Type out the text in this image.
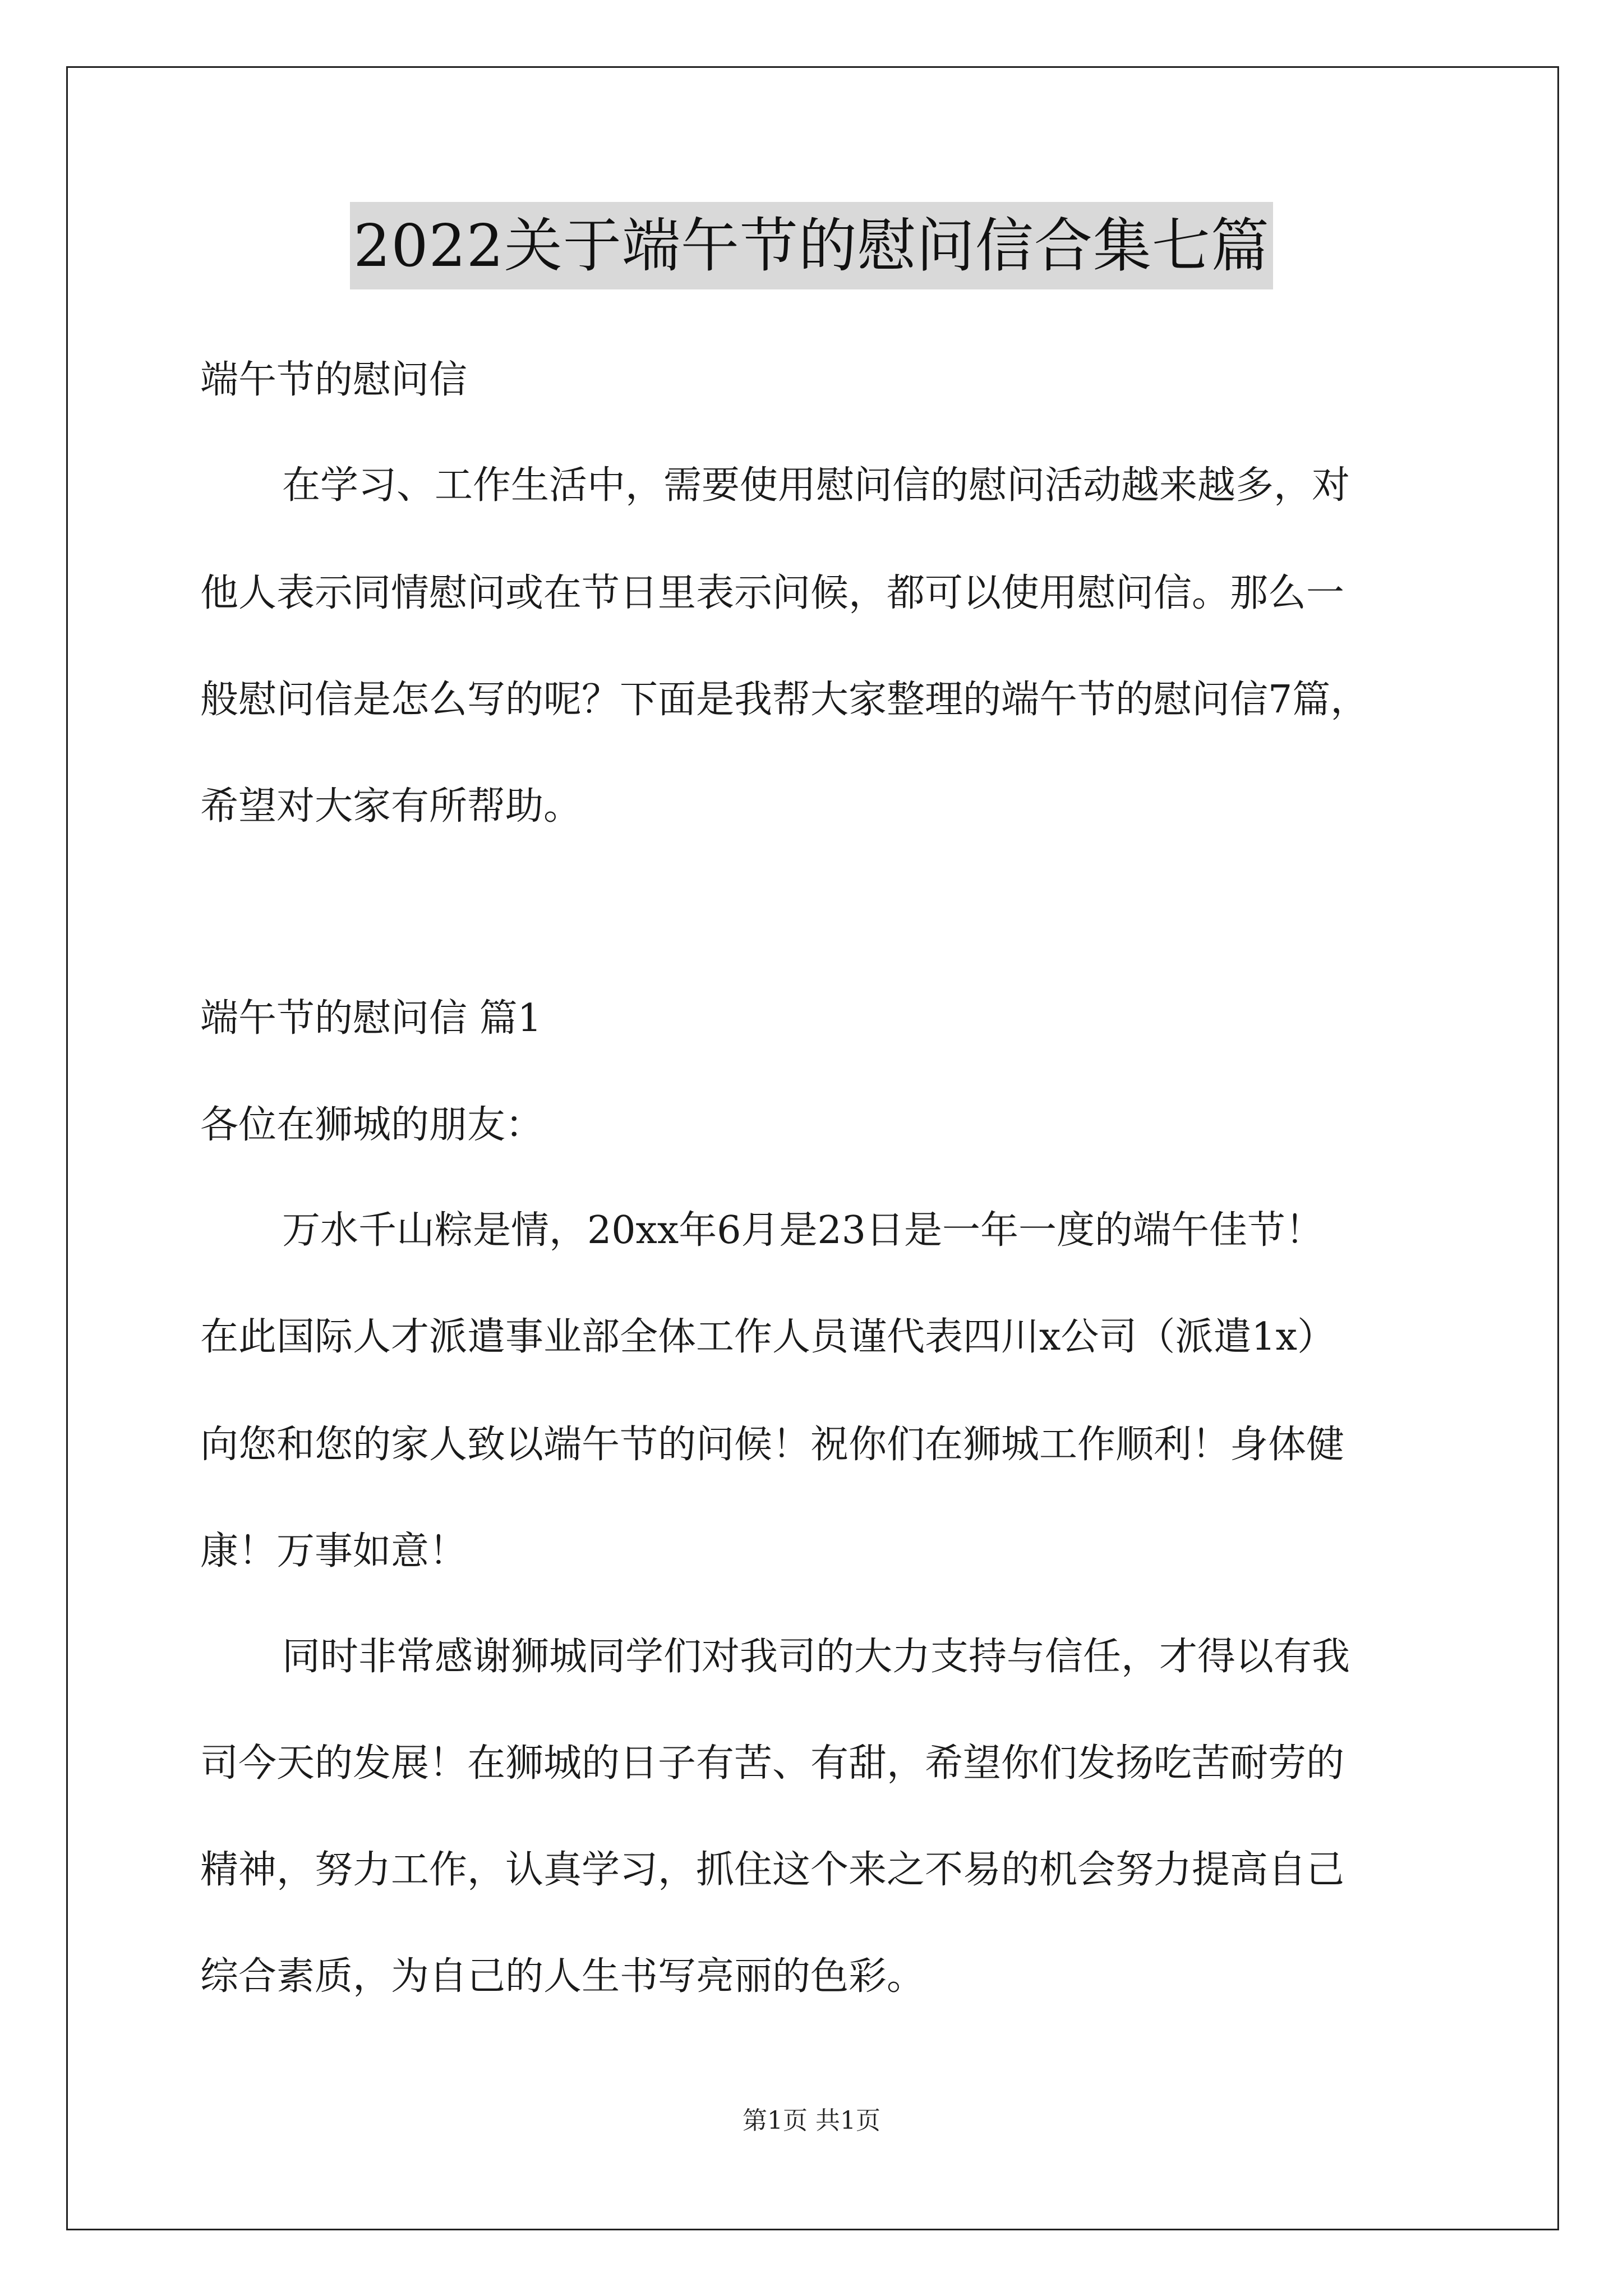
2022关于端午节的慰问信合集七篇
端午节的慰问信
在学习、工作生活中，需要使用慰问信的慰问活动越来越多，对
他人表示同情慰问或在节日里表示问候，都可以使用慰问信。那么一
般慰问信是怎么写的呢？下面是我帮大家整理的端午节的慰问信7篇，
希望对大家有所帮助。
端午节的慰问信 篇1
各位在狮城的朋友：
万水千山粽是情，20xx年6月是23日是一年一度的端午佳节！
在此国际人才派遣事业部全体工作人员谨代表四川x公司（派遣1x）
向您和您的家人致以端午节的问候！祝你们在狮城工作顺利！身体健
康！万事如意！
同时非常感谢狮城同学们对我司的大力支持与信任，才得以有我
司今天的发展！在狮城的日子有苦、有甜，希望你们发扬吃苦耐劳的
精神，努力工作，认真学习，抓住这个来之不易的机会努力提高自己
综合素质，为自己的人生书写亮丽的色彩。
第1页 共1页
